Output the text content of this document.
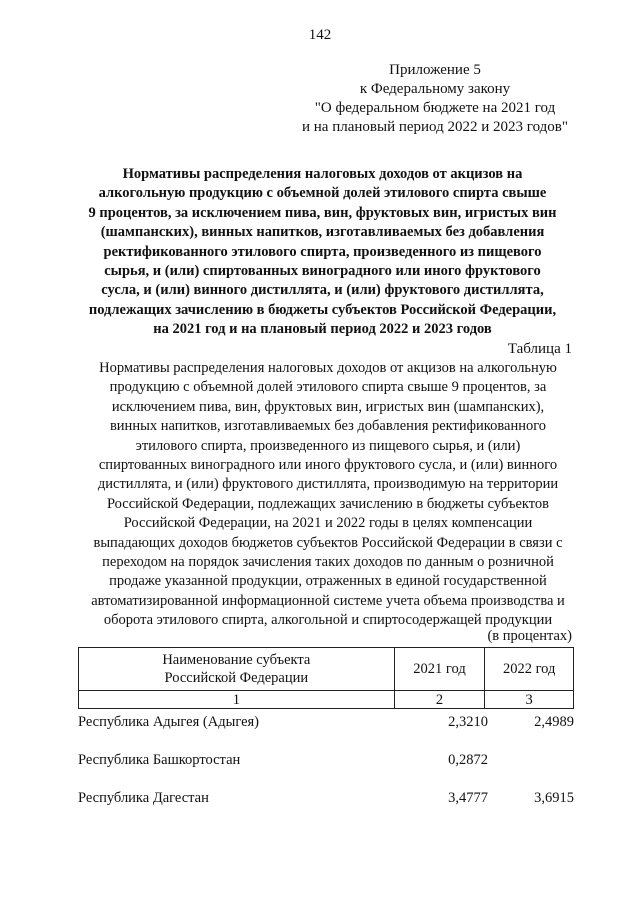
142
Приложение 5
к Федеральному закону
"О федеральном бюджете на 2021 год
и на плановый период 2022 и 2023 годов"
Нормативы распределения налоговых доходов от акцизов на
алкогольную продукцию с объемной долей этилового спирта свыше
9 процентов, за исключением пива, вин, фруктовых вин, игристых вин
(шампанских), винных напитков, изготавливаемых без добавления
ректификованного этилового спирта, произведенного из пищевого
сырья, и (или) спиртованных виноградного или иного фруктового
сусла, и (или) винного дистиллята, и (или) фруктового дистиллята,
подлежащих зачислению в бюджеты субъектов Российской Федерации,
на 2021 год и на плановый период 2022 и 2023 годов
Таблица 1
Нормативы распределения налоговых доходов от акцизов на алкогольную
продукцию с объемной долей этилового спирта свыше 9 процентов, за
исключением пива, вин, фруктовых вин, игристых вин (шампанских),
винных напитков, изготавливаемых без добавления ректификованного
этилового спирта, произведенного из пищевого сырья, и (или)
спиртованных виноградного или иного фруктового сусла, и (или) винного
дистиллята, и (или) фруктового дистиллята, производимую на территории
Российской Федерации, подлежащих зачислению в бюджеты субъектов
Российской Федерации, на 2021 и 2022 годы в целях компенсации
выпадающих доходов бюджетов субъектов Российской Федерации в связи с
переходом на порядок зачисления таких доходов по данным о розничной
продаже указанной продукции, отраженных в единой государственной
автоматизированной информационной системе учета объема производства и
оборота этилового спирта, алкогольной и спиртосодержащей продукции
(в процентах)
Наименование субъекта
Российской Федерации	2021 год	2022 год
1	2	3
Республика Адыгея (Адыгея)	2,3210	2,4989
Республика Башкортостан	0,2872
Республика Дагестан	3,4777	3,6915
